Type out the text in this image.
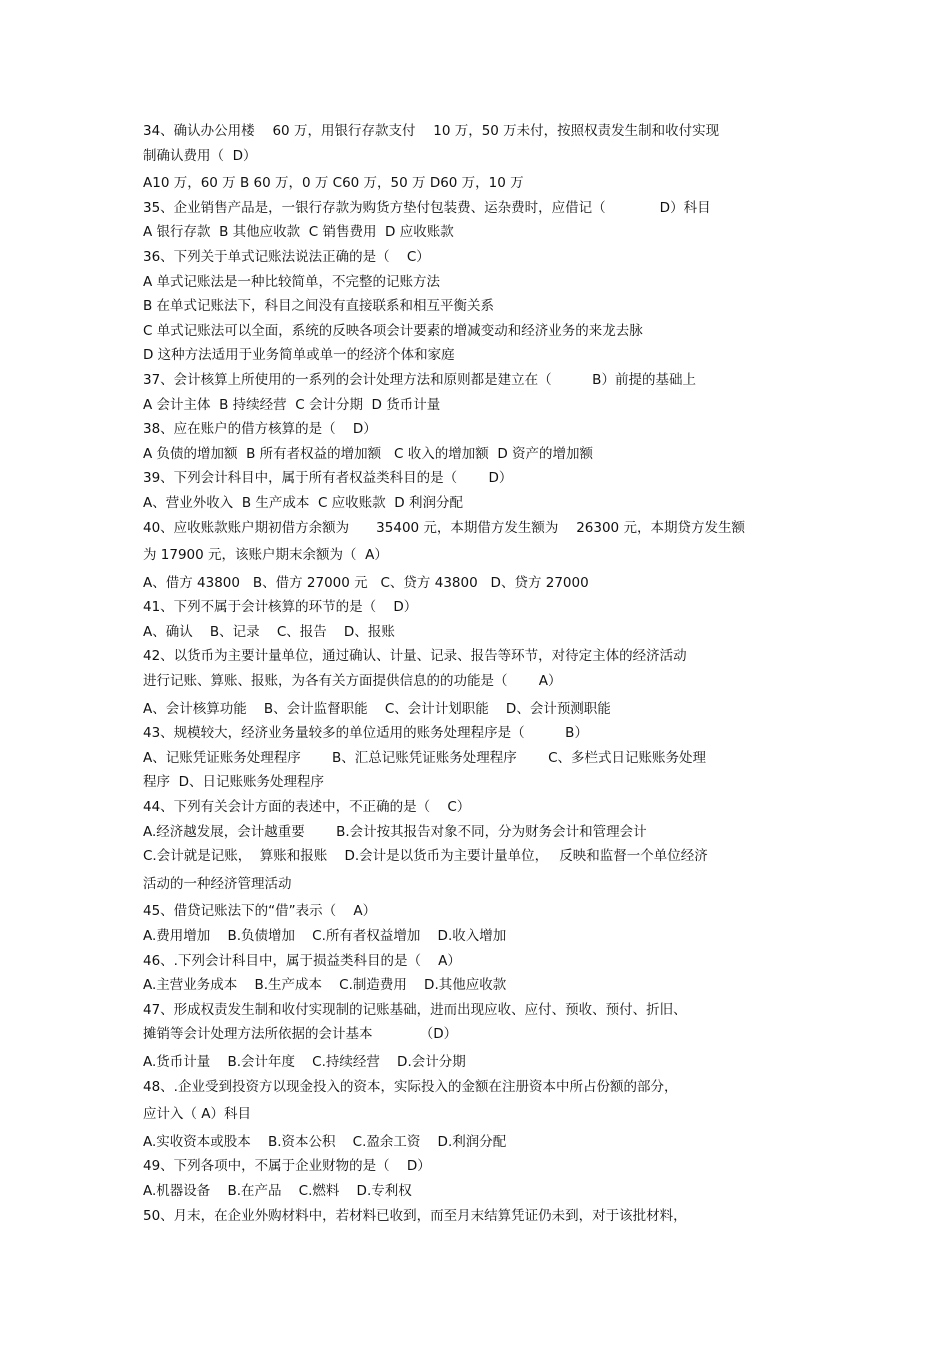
34、确认办公用楼　 60 万，用银行存款支付　 10 万，50 万未付，按照权责发生制和收付实现
制确认费用（  D）
A10 万，60 万 B 60 万，0 万 C60 万，50 万 D60 万，10 万
35、企业销售产品是，一银行存款为购货方垫付包装费、运杂费时，应借记（　　　　D）科目
A 银行存款  B 其他应收款  C 销售费用  D 应收账款
36、下列关于单式记账法说法正确的是（    C）
A 单式记账法是一种比较简单，不完整的记账方法
B 在单式记账法下，科目之间没有直接联系和相互平衡关系
C 单式记账法可以全面，系统的反映各项会计要素的增减变动和经济业务的来龙去脉
D 这种方法适用于业务简单或单一的经济个体和家庭
37、会计核算上所使用的一系列的会计处理方法和原则都是建立在（　　　B）前提的基础上
A 会计主体  B 持续经营  C 会计分期  D 货币计量
38、应在账户的借方核算的是（    D）
A 负债的增加额  B 所有者权益的增加额   C 收入的增加额  D 资产的增加额
39、下列会计科目中，属于所有者权益类科目的是（　　 D）
A、营业外收入  B 生产成本  C 应收账款  D 利润分配
40、应收账款账户期初借方余额为　　35400 元，本期借方发生额为　 26300 元，本期贷方发生额
为 17900 元，该账户期末余额为（  A）
A、借方 43800   B、借方 27000 元   C、贷方 43800   D、贷方 27000
41、下列不属于会计核算的环节的是（    D）
A、确认    B、记录    C、报告    D、报账
42、以货币为主要计量单位，通过确认、计量、记录、报告等环节，对待定主体的经济活动
进行记账、算账、报账，为各有关方面提供信息的的功能是（　　 A）
A、会计核算功能    B、会计监督职能    C、会计计划职能    D、会计预测职能
43、规模较大，经济业务量较多的单位适用的账务处理程序是（　　　B）
A、记账凭证账务处理程序　　 B、汇总记账凭证账务处理程序　　 C、多栏式日记账账务处理
程序  D、日记账账务处理程序
44、下列有关会计方面的表述中，不正确的是（    C）
A.经济越发展，会计越重要　　 B.会计按其报告对象不同，分为财务会计和管理会计
C.会计就是记账，  算账和报账    D.会计是以货币为主要计量单位，　 反映和监督一个单位经济
活动的一种经济管理活动
45、借贷记账法下的“借”表示（    A）
A.费用增加    B.负债增加    C.所有者权益增加    D.收入增加
46、.下列会计科目中，属于损益类科目的是（    A）
A.主营业务成本    B.生产成本    C.制造费用    D.其他应收款
47、形成权责发生制和收付实现制的记账基础，进而出现应收、应付、预收、预付、折旧、
摊销等会计处理方法所依据的会计基本　　　　（D）
A.货币计量    B.会计年度    C.持续经营    D.会计分期
48、.企业受到投资方以现金投入的资本，实际投入的金额在注册资本中所占份额的部分，
应计入（ A）科目
A.实收资本或股本    B.资本公积    C.盈余工资    D.利润分配
49、下列各项中，不属于企业财物的是（    D）
A.机器设备    B.在产品    C.燃料    D.专利权
50、月末，在企业外购材料中，若材料已收到，而至月末结算凭证仍未到，对于该批材料，
